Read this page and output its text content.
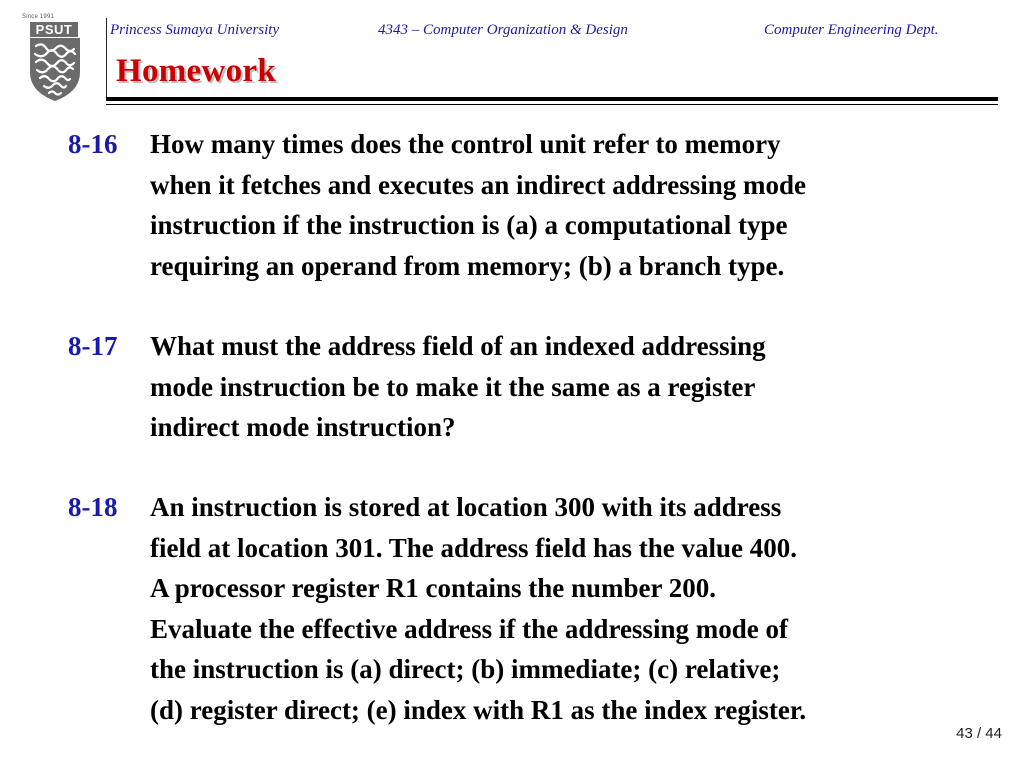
Since 1991
PSUT	Princess Sumaya University	4343 – Computer Organization & Design	Computer Engineering Dept.
Homework
8-16 How many times does the control unit refer to memory
when it fetches and executes an indirect addressing mode
instruction if the instruction is (a) a computational type
requiring an operand from memory; (b) a branch type.

8-17 What must the address field of an indexed addressing
mode instruction be to make it the same as a register
indirect mode instruction?

8-18 An instruction is stored at location 300 with its address
field at location 301. The address field has the value 400.
A processor register R1 contains the number 200.
Evaluate the effective address if the addressing mode of
the instruction is (a) direct; (b) immediate; (c) relative;
(d) register direct; (e) index with R1 as the index register.

43 / 44
